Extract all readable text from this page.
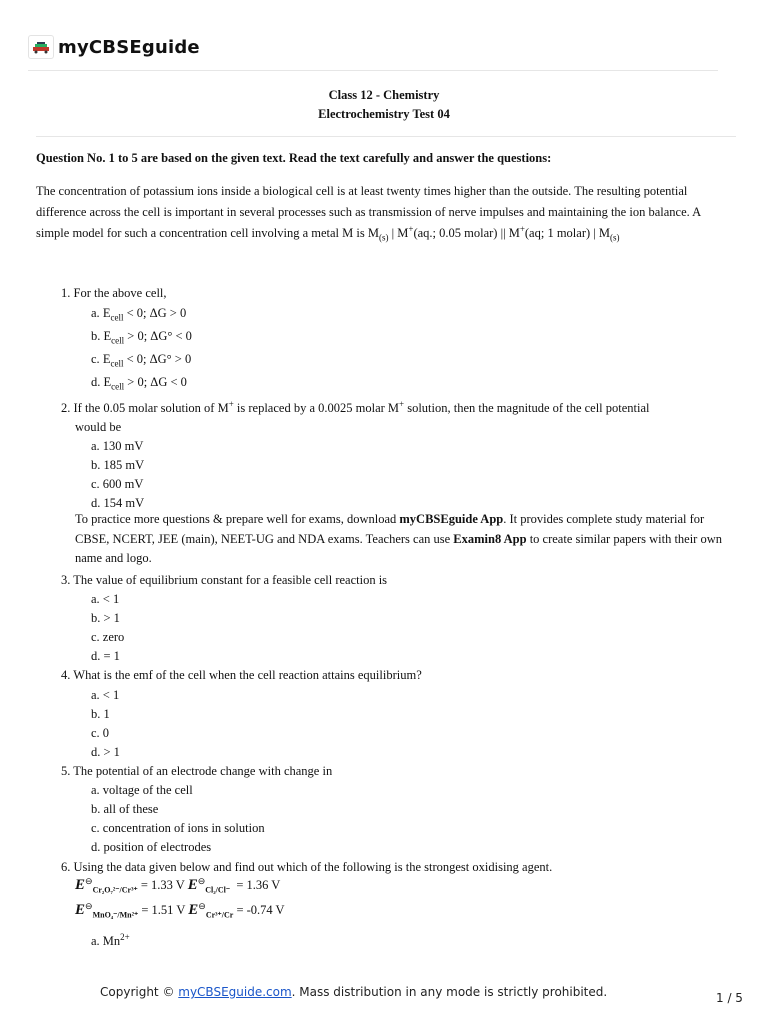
myCBSEguide
Class 12 - Chemistry
Electrochemistry Test 04
Question No. 1 to 5 are based on the given text. Read the text carefully and answer the questions:
The concentration of potassium ions inside a biological cell is at least twenty times higher than the outside. The resulting potential difference across the cell is important in several processes such as transmission of nerve impulses and maintaining the ion balance. A simple model for such a concentration cell involving a metal M is $M_{(s)}$ | M+(aq.; 0.05 molar) || M+(aq; 1 molar) | $M_{(s)}$
1. For the above cell,
a. $E_{cell} < 0$; ΔG > 0
b. $E_{cell} > 0$; ΔG° < 0
c. $E_{cell} < 0$; ΔG° > 0
d. $E_{cell} > 0$; ΔG < 0
2. If the 0.05 molar solution of M+ is replaced by a 0.0025 molar M+ solution, then the magnitude of the cell potential
would be
a. 130 mV
b. 185 mV
c. 600 mV
d. 154 mV
To practice more questions & prepare well for exams, download myCBSEguide App. It provides complete study material for CBSE, NCERT, JEE (main), NEET-UG and NDA exams. Teachers can use Examin8 App to create similar papers with their own name and logo.
3. The value of equilibrium constant for a feasible cell reaction is
a. < 1
b. > 1
c. zero
d. = 1
4. What is the emf of the cell when the cell reaction attains equilibrium?
a. < 1
b. 1
c. 0
d. > 1
5. The potential of an electrode change with change in
a. voltage of the cell
b. all of these
c. concentration of ions in solution
d. position of electrodes
6. Using the data given below and find out which of the following is the strongest oxidising agent.
$E^⊖_{Cr_2O_7^{2-}/Cr^{3+}} = 1.33$ V $E^⊖_{Cl_2/Cl^-} = 1.36$ V
$E^⊖_{MnO_4^-/Mn^{2+}} = 1.51$ V $E^⊖_{Cr^{3+}/Cr} = -0.74$ V
a. $Mn^{2+}$
Copyright © myCBSEguide.com. Mass distribution in any mode is strictly prohibited.	1 / 5
